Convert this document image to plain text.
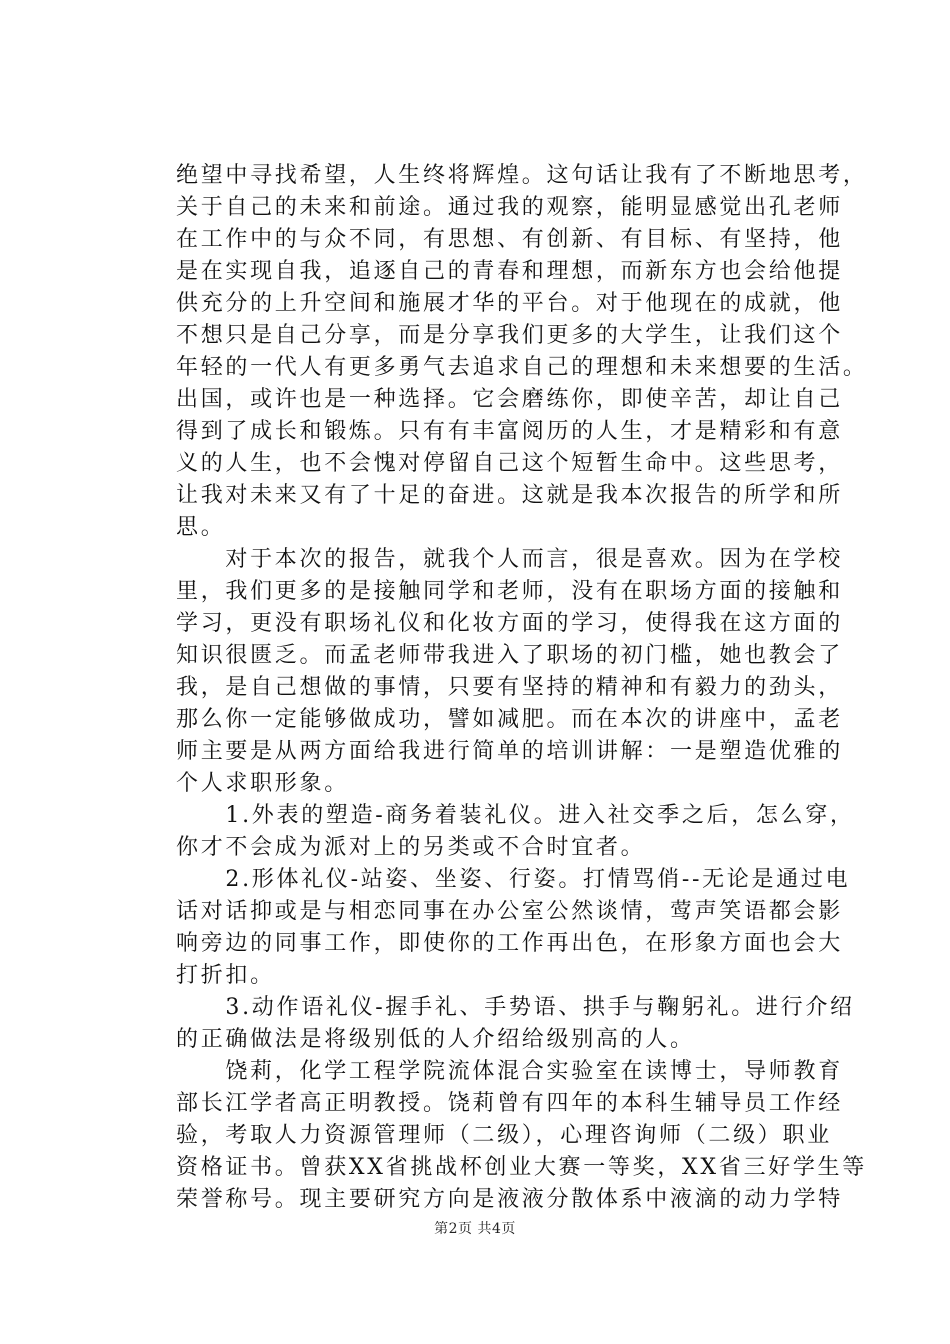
绝望中寻找希望，人生终将辉煌。这句话让我有了不断地思考，
关于自己的未来和前途。通过我的观察，能明显感觉出孔老师
在工作中的与众不同，有思想、有创新、有目标、有坚持，他
是在实现自我，追逐自己的青春和理想，而新东方也会给他提
供充分的上升空间和施展才华的平台。对于他现在的成就，他
不想只是自己分享，而是分享我们更多的大学生，让我们这个
年轻的一代人有更多勇气去追求自己的理想和未来想要的生活。
出国，或许也是一种选择。它会磨练你，即使辛苦，却让自己
得到了成长和锻炼。只有有丰富阅历的人生，才是精彩和有意
义的人生，也不会愧对停留自己这个短暂生命中。这些思考，
让我对未来又有了十足的奋进。这就是我本次报告的所学和所
思。
　　对于本次的报告，就我个人而言，很是喜欢。因为在学校
里，我们更多的是接触同学和老师，没有在职场方面的接触和
学习，更没有职场礼仪和化妆方面的学习，使得我在这方面的
知识很匮乏。而孟老师带我进入了职场的初门槛，她也教会了
我，是自己想做的事情，只要有坚持的精神和有毅力的劲头，
那么你一定能够做成功，譬如减肥。而在本次的讲座中，孟老
师主要是从两方面给我进行简单的培训讲解：一是塑造优雅的
个人求职形象。
　　1.外表的塑造-商务着装礼仪。进入社交季之后，怎么穿，
你才不会成为派对上的另类或不合时宜者。
　　2.形体礼仪-站姿、坐姿、行姿。打情骂俏--无论是通过电
话对话抑或是与相恋同事在办公室公然谈情，莺声笑语都会影
响旁边的同事工作，即使你的工作再出色，在形象方面也会大
打折扣。
　　3.动作语礼仪-握手礼、手势语、拱手与鞠躬礼。进行介绍
的正确做法是将级别低的人介绍给级别高的人。
　　饶莉，化学工程学院流体混合实验室在读博士，导师教育
部长江学者高正明教授。饶莉曾有四年的本科生辅导员工作经
验，考取人力资源管理师（二级），心理咨询师（二级）职业
资格证书。曾获XX省挑战杯创业大赛一等奖，XX省三好学生等
荣誉称号。现主要研究方向是液液分散体系中液滴的动力学特
第2页 共4页
